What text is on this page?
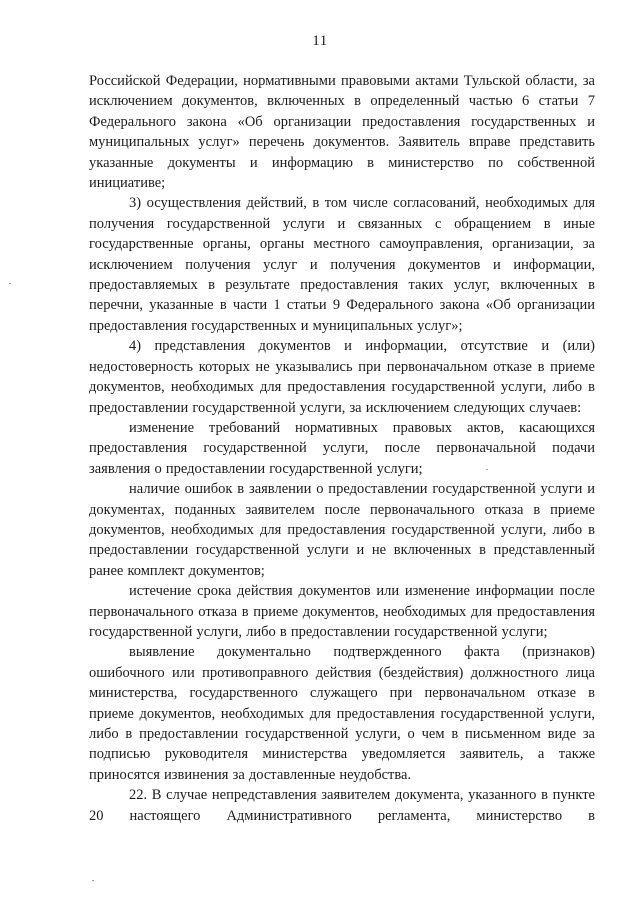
11

Российской Федерации, нормативными правовыми актами Тульской области, за исключением документов, включенных в определенный частью 6 статьи 7 Федерального закона «Об организации предоставления государственных и муниципальных услуг» перечень документов. Заявитель вправе представить указанные документы и информацию в министерство по собственной инициативе;

3) осуществления действий, в том числе согласований, необходимых для получения государственной услуги и связанных с обращением в иные государственные органы, органы местного самоуправления, организации, за исключением получения услуг и получения документов и информации, предоставляемых в результате предоставления таких услуг, включенных в перечни, указанные в части 1 статьи 9 Федерального закона «Об организации предоставления государственных и муниципальных услуг»;

4) представления документов и информации, отсутствие и (или) недостоверность которых не указывались при первоначальном отказе в приеме документов, необходимых для предоставления государственной услуги, либо в предоставлении государственной услуги, за исключением следующих случаев:

изменение требований нормативных правовых актов, касающихся предоставления государственной услуги, после первоначальной подачи заявления о предоставлении государственной услуги;

наличие ошибок в заявлении о предоставлении государственной услуги и документах, поданных заявителем после первоначального отказа в приеме документов, необходимых для предоставления государственной услуги, либо в предоставлении государственной услуги и не включенных в представленный ранее комплект документов;

истечение срока действия документов или изменение информации после первоначального отказа в приеме документов, необходимых для предоставления государственной услуги, либо в предоставлении государственной услуги;

выявление документально подтвержденного факта (признаков) ошибочного или противоправного действия (бездействия) должностного лица министерства, государственного служащего при первоначальном отказе в приеме документов, необходимых для предоставления государственной услуги, либо в предоставлении государственной услуги, о чем в письменном виде за подписью руководителя министерства уведомляется заявитель, а также приносятся извинения за доставленные неудобства.

22. В случае непредставления заявителем документа, указанного в пункте 20 настоящего Административного регламента, министерство в
